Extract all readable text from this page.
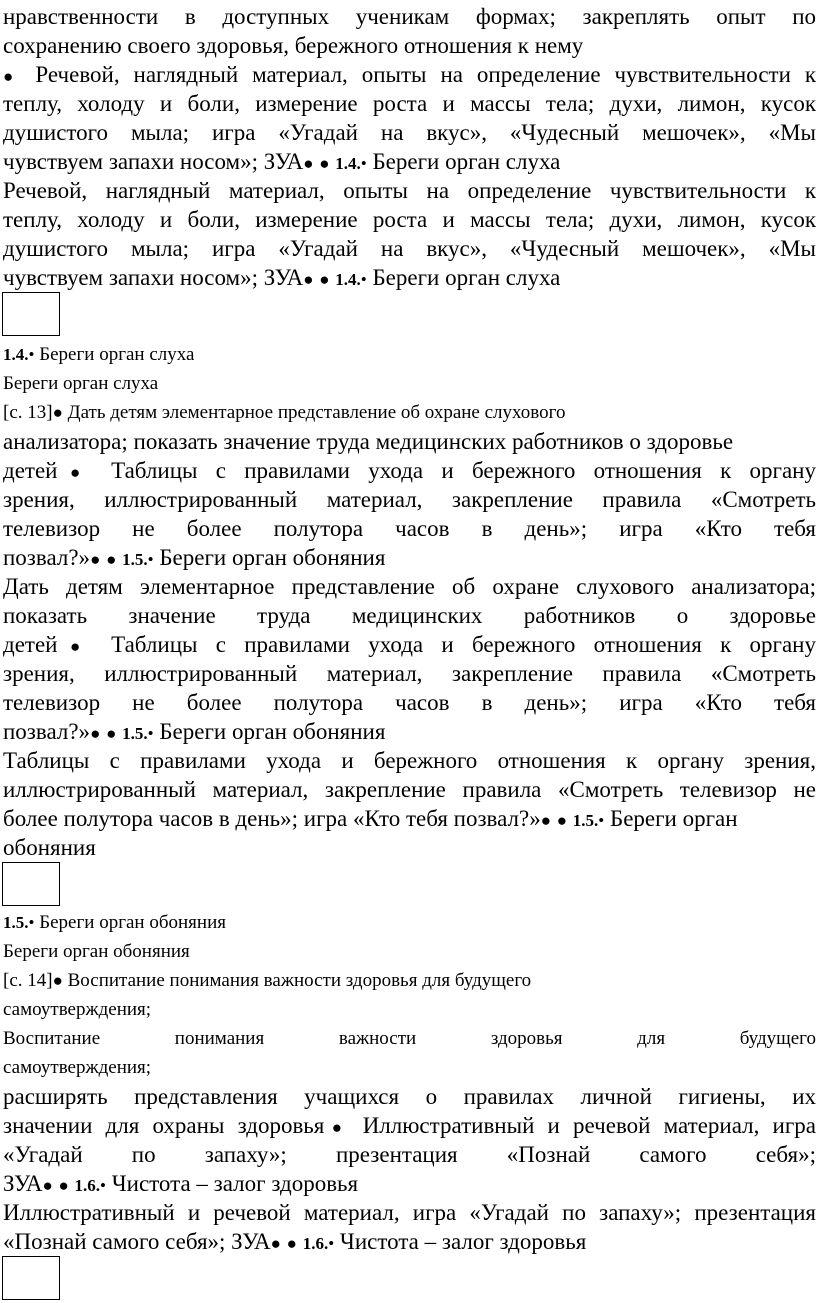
нравственности в доступных ученикам формах; закреплять опыт по
сохранению своего здоровья, бережного отношения к нему
● Речевой, наглядный материал, опыты на определение чувствительности к
теплу, холоду и боли, измерение роста и массы тела; духи, лимон, кусок
душистого мыла; игра «Угадай на вкус», «Чудесный мешочек», «Мы
чувствуем запахи носом»; ЗУА● ● 1.4.• Береги орган слуха
Речевой, наглядный материал, опыты на определение чувствительности к
теплу, холоду и боли, измерение роста и массы тела; духи, лимон, кусок
душистого мыла; игра «Угадай на вкус», «Чудесный мешочек», «Мы
чувствуем запахи носом»; ЗУА● ● 1.4.• Береги орган слуха
1.4.• Береги орган слуха
Береги орган слуха
[с. 13]● Дать детям элементарное представление об охране слухового
анализатора; показать значение труда медицинских работников о здоровье
детей● Таблицы с правилами ухода и бережного отношения к органу
зрения, иллюстрированный материал, закрепление правила «Смотреть
телевизор не более полутора часов в день»; игра «Кто тебя
позвал?»● ● 1.5.• Береги орган обоняния
Дать детям элементарное представление об охране слухового анализатора;
показать значение труда медицинских работников о здоровье
детей● Таблицы с правилами ухода и бережного отношения к органу
зрения, иллюстрированный материал, закрепление правила «Смотреть
телевизор не более полутора часов в день»; игра «Кто тебя
позвал?»● ● 1.5.• Береги орган обоняния
Таблицы с правилами ухода и бережного отношения к органу зрения,
иллюстрированный материал, закрепление правила «Смотреть телевизор не
более полутора часов в день»; игра «Кто тебя позвал?»● ● 1.5.• Береги орган
обоняния
1.5.• Береги орган обоняния
Береги орган обоняния
[с. 14]● Воспитание понимания важности здоровья для будущего
самоутверждения;
Воспитание понимания важности здоровья для будущего
самоутверждения;
расширять представления учащихся о правилах личной гигиены, их
значении для охраны здоровья● Иллюстративный и речевой материал, игра
«Угадай по запаху»; презентация «Познай самого себя»;
ЗУА● ● 1.6.• Чистота – залог здоровья
Иллюстративный и речевой материал, игра «Угадай по запаху»; презентация
«Познай самого себя»; ЗУА● ● 1.6.• Чистота – залог здоровья
